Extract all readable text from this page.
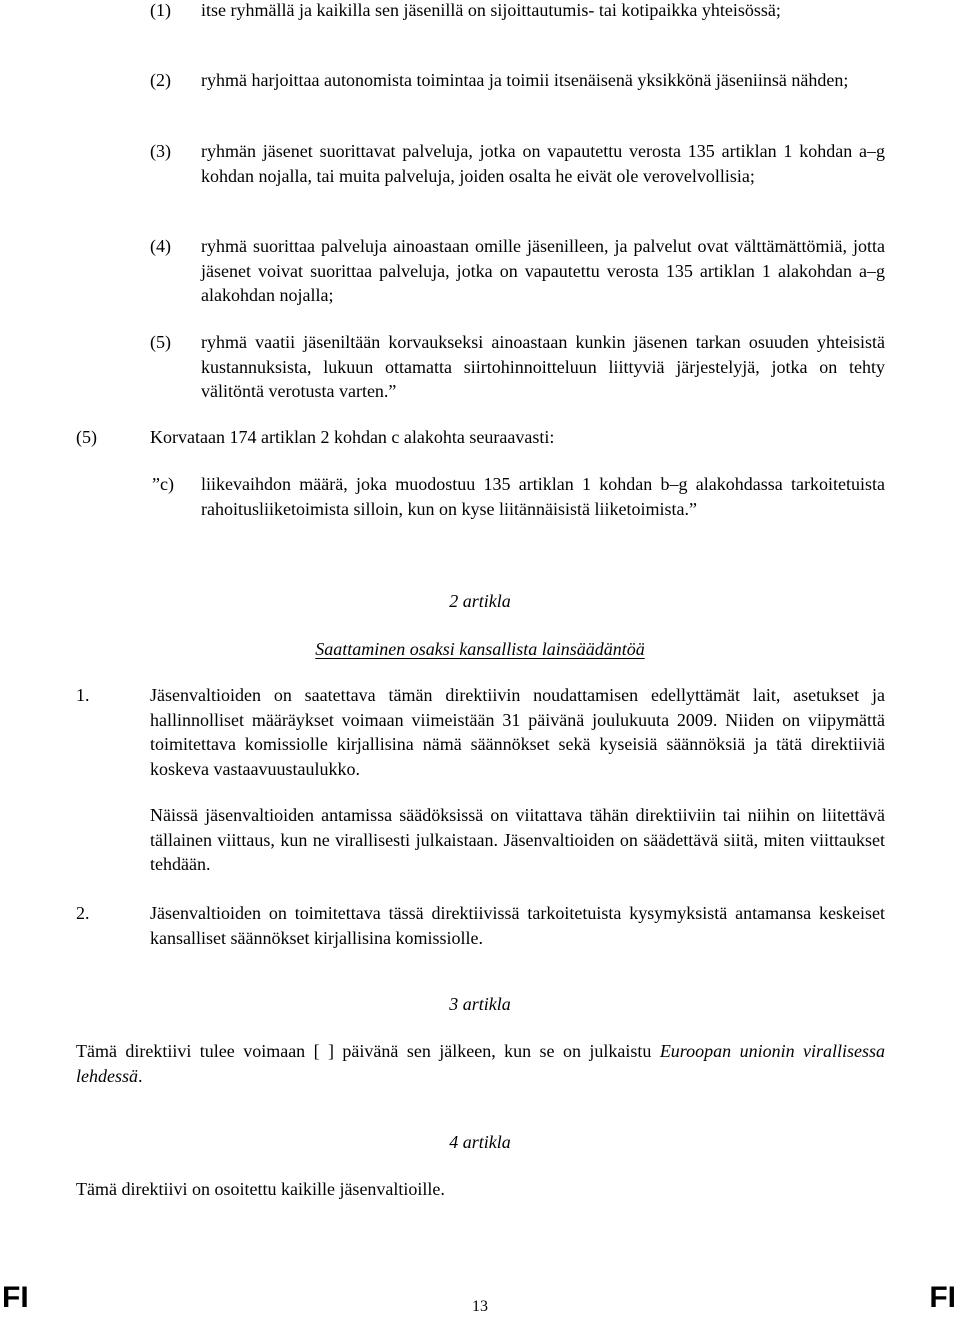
(1) itse ryhmällä ja kaikilla sen jäsenillä on sijoittautumis- tai kotipaikka yhteisössä;
(2) ryhmä harjoittaa autonomista toimintaa ja toimii itsenäisenä yksikkönä jäseniinsä nähden;
(3) ryhmän jäsenet suorittavat palveluja, jotka on vapautettu verosta 135 artiklan 1 kohdan a–g kohdan nojalla, tai muita palveluja, joiden osalta he eivät ole verovelvollisia;
(4) ryhmä suorittaa palveluja ainoastaan omille jäsenilleen, ja palvelut ovat välttämättömiä, jotta jäsenet voivat suorittaa palveluja, jotka on vapautettu verosta 135 artiklan 1 alakohdan a–g alakohdan nojalla;
(5) ryhmä vaatii jäseniltään korvaukseksi ainoastaan kunkin jäsenen tarkan osuuden yhteisistä kustannuksista, lukuun ottamatta siirtohinnoitteluun liittyviä järjestelyjä, jotka on tehty välitöntä verotusta varten.”
(5)	Korvataan 174 artiklan 2 kohdan c alakohta seuraavasti:
”c) liikevaihdon määrä, joka muodostuu 135 artiklan 1 kohdan b–g alakohdassa tarkoitetuista rahoitusliiketoimista silloin, kun on kyse liitännäisistä liiketoimista.”
2 artikla
Saattaminen osaksi kansallista lainsäädäntöä
1.	Jäsenvaltioiden on saatettava tämän direktiivin noudattamisen edellyttämät lait, asetukset ja hallinnolliset määräykset voimaan viimeistään 31 päivänä joulukuuta 2009. Niiden on viipymättä toimitettava komissiolle kirjallisina nämä säännökset sekä kyseisiä säännöksiä ja tätä direktiiviä koskeva vastaavuustaulukko.
Näissä jäsenvaltioiden antamissa säädöksissä on viitattava tähän direktiiviin tai niihin on liitettävä tällainen viittaus, kun ne virallisesti julkaistaan. Jäsenvaltioiden on säädettävä siitä, miten viittaukset tehdään.
2.	Jäsenvaltioiden on toimitettava tässä direktiivissä tarkoitetuista kysymyksistä antamansa keskeiset kansalliset säännökset kirjallisina komissiolle.
3 artikla
Tämä direktiivi tulee voimaan [ ] päivänä sen jälkeen, kun se on julkaistu Euroopan unionin virallisessa lehdessä.
4 artikla
Tämä direktiivi on osoitettu kaikille jäsenvaltioille.
FI	13	FI
